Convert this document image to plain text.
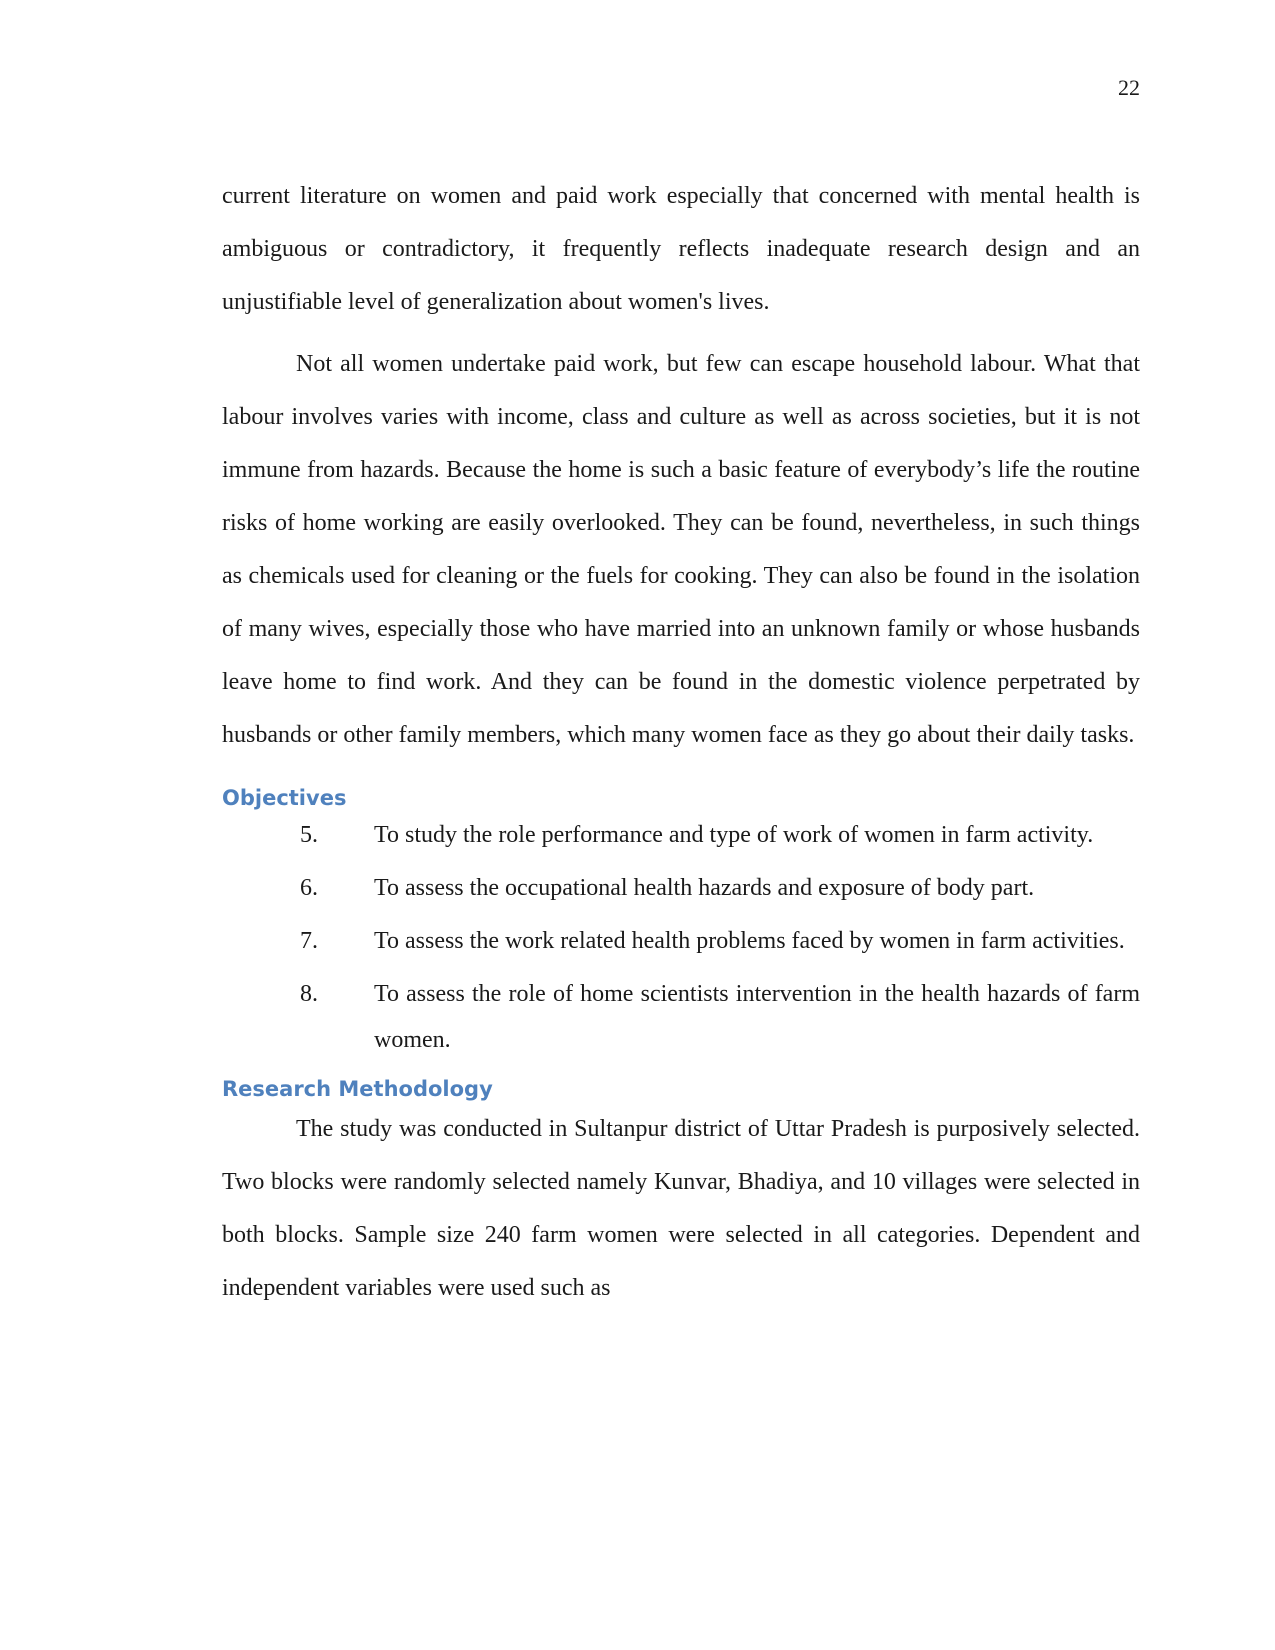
22

current literature on women and paid work especially that concerned with mental health is ambiguous or contradictory, it frequently reflects inadequate research design and an unjustifiable level of generalization about women's lives.

Not all women undertake paid work, but few can escape household labour. What that labour involves varies with income, class and culture as well as across societies, but it is not immune from hazards. Because the home is such a basic feature of everybody’s life the routine risks of home working are easily overlooked. They can be found, nevertheless, in such things as chemicals used for cleaning or the fuels for cooking. They can also be found in the isolation of many wives, especially those who have married into an unknown family or whose husbands leave home to find work. And they can be found in the domestic violence perpetrated by husbands or other family members, which many women face as they go about their daily tasks.

Objectives
5.	To study the role performance and type of work of women in farm activity.
6.	To assess the occupational health hazards and exposure of body part.
7.	To assess the work related health problems faced by women in farm activities.
8.	To assess the role of home scientists intervention in the health hazards of farm women.
Research Methodology

The study was conducted in Sultanpur district of Uttar Pradesh is purposively selected. Two blocks were randomly selected namely Kunvar, Bhadiya, and 10 villages were selected in both blocks. Sample size 240 farm women were selected in all categories. Dependent and independent variables were used such as
